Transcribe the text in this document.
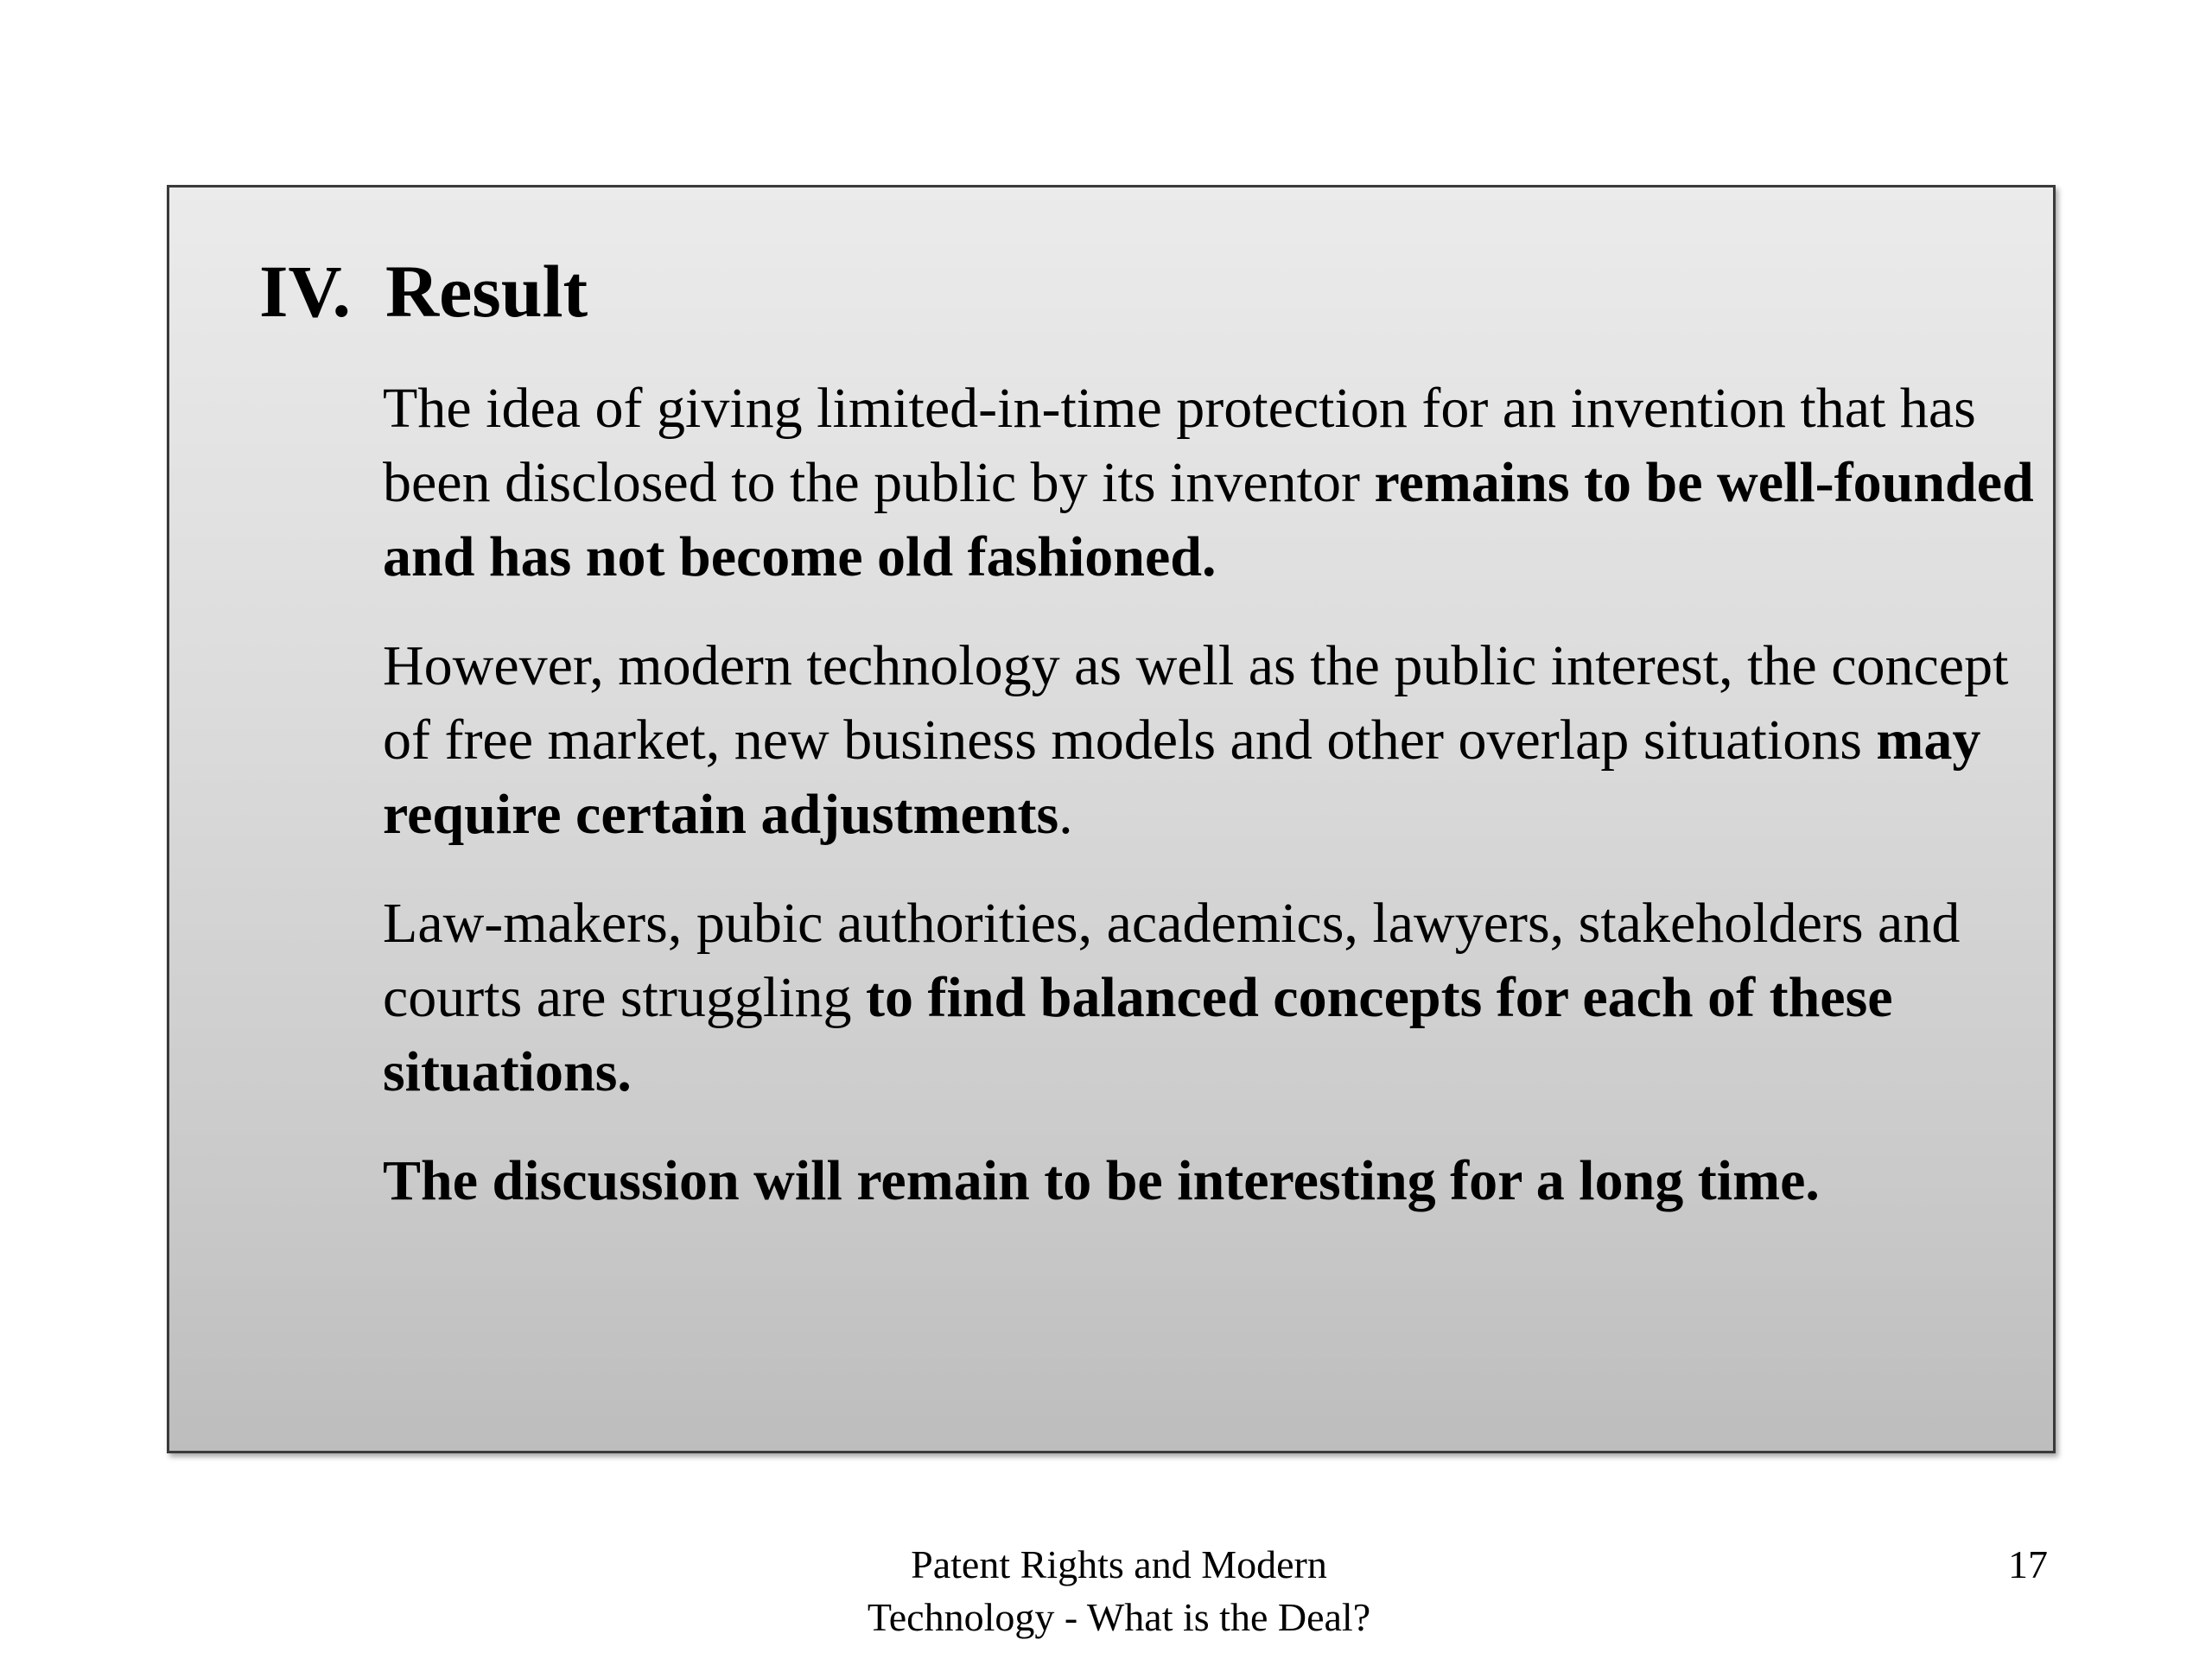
IV. Result

The idea of giving limited-in-time protection for an invention that has been disclosed to the public by its inventor remains to be well-founded and has not become old fashioned.

However, modern technology as well as the public interest, the concept of free market, new business models and other overlap situations may require certain adjustments.

Law-makers, pubic authorities, academics, lawyers, stakeholders and courts are struggling to find balanced concepts for each of these situations.

The discussion will remain to be interesting for a long time.

Patent Rights and Modern
Technology - What is the Deal?
17
